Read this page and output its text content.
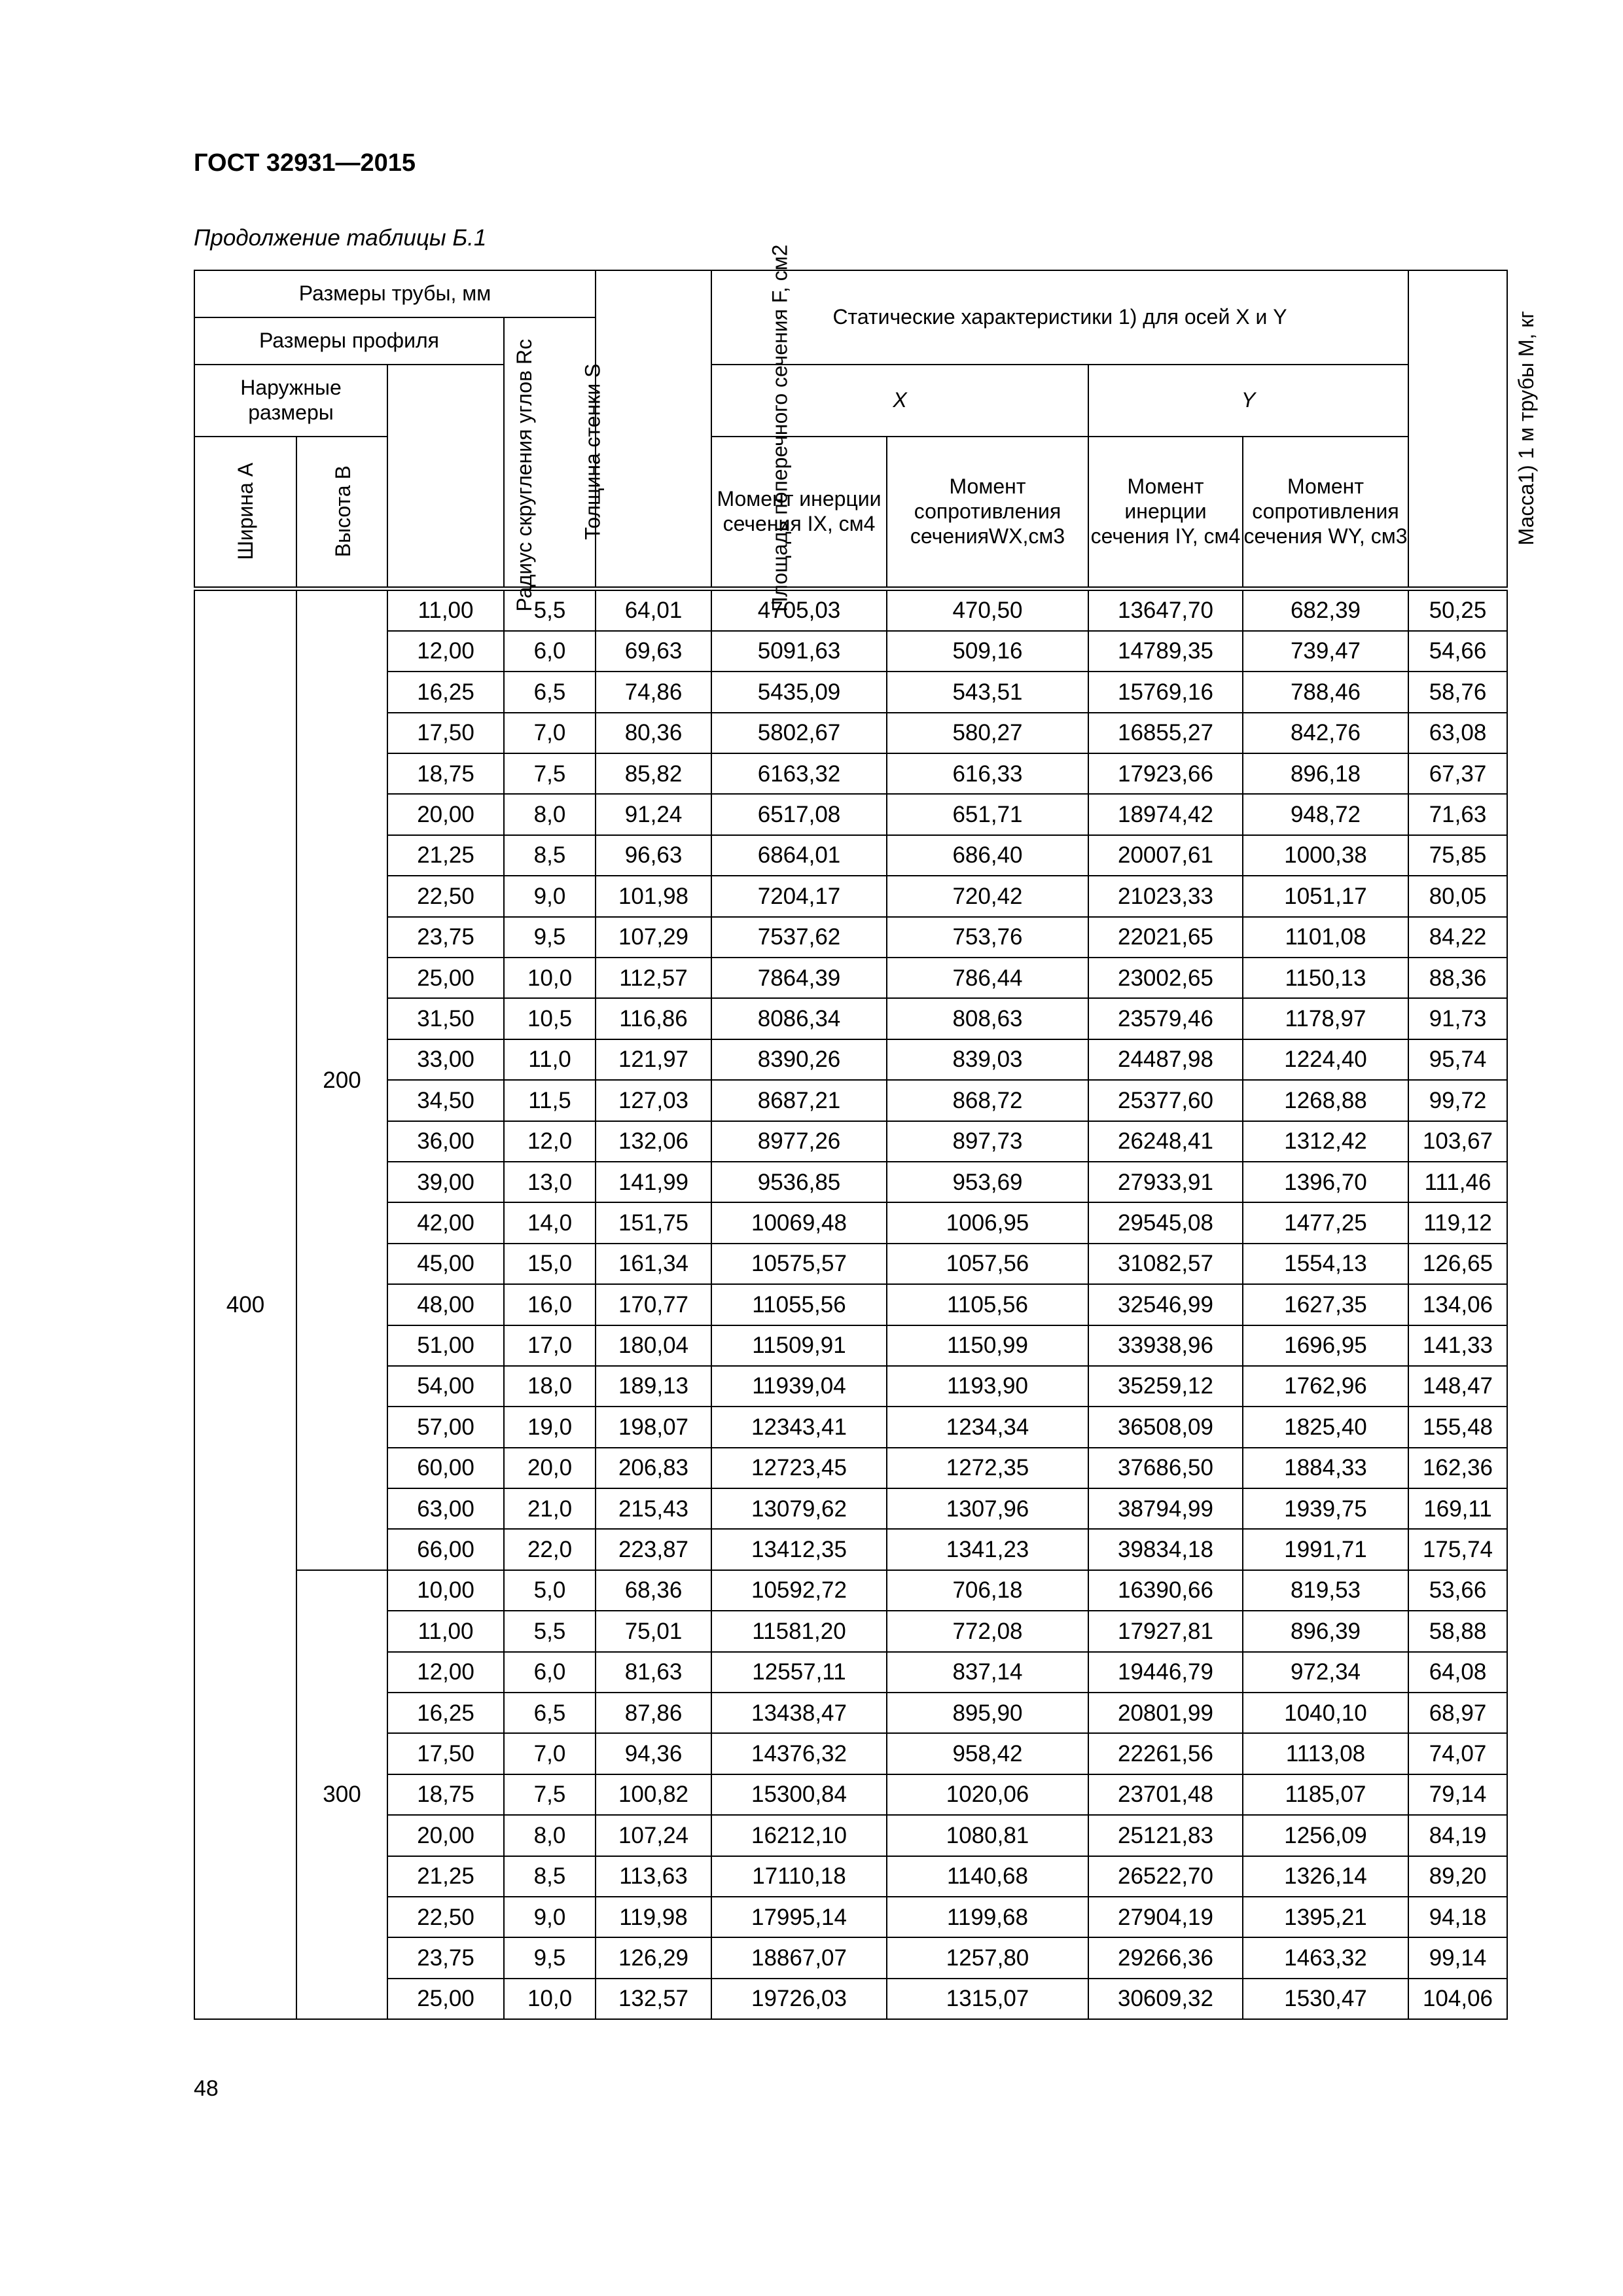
ГОСТ 32931—2015
Продолжение таблицы Б.1
Размеры трубы, мм				Площадь поперечного сечения F, см2	Статические характеристики 1) для осей X и Y				Масса1) 1 м трубы M, кг
Размеры профиля			Толщина стенки S						
Наружные размеры		Радиус скругления углов Rc			X		Y		
Ширина A	Высота B				Момент инерции сечения IX, см4	Момент сопротивления сеченияWX,см3	Момент инерции сечения IY, см4	Момент сопротивления сечения WY, см3	
400	200	11,00	5,5	64,01	4705,03	470,50	13647,70	682,39	50,25
		12,00	6,0	69,63	5091,63	509,16	14789,35	739,47	54,66
		16,25	6,5	74,86	5435,09	543,51	15769,16	788,46	58,76
		17,50	7,0	80,36	5802,67	580,27	16855,27	842,76	63,08
		18,75	7,5	85,82	6163,32	616,33	17923,66	896,18	67,37
		20,00	8,0	91,24	6517,08	651,71	18974,42	948,72	71,63
		21,25	8,5	96,63	6864,01	686,40	20007,61	1000,38	75,85
		22,50	9,0	101,98	7204,17	720,42	21023,33	1051,17	80,05
		23,75	9,5	107,29	7537,62	753,76	22021,65	1101,08	84,22
		25,00	10,0	112,57	7864,39	786,44	23002,65	1150,13	88,36
		31,50	10,5	116,86	8086,34	808,63	23579,46	1178,97	91,73
		33,00	11,0	121,97	8390,26	839,03	24487,98	1224,40	95,74
		34,50	11,5	127,03	8687,21	868,72	25377,60	1268,88	99,72
		36,00	12,0	132,06	8977,26	897,73	26248,41	1312,42	103,67
		39,00	13,0	141,99	9536,85	953,69	27933,91	1396,70	111,46
		42,00	14,0	151,75	10069,48	1006,95	29545,08	1477,25	119,12
		45,00	15,0	161,34	10575,57	1057,56	31082,57	1554,13	126,65
		48,00	16,0	170,77	11055,56	1105,56	32546,99	1627,35	134,06
		51,00	17,0	180,04	11509,91	1150,99	33938,96	1696,95	141,33
		54,00	18,0	189,13	11939,04	1193,90	35259,12	1762,96	148,47
		57,00	19,0	198,07	12343,41	1234,34	36508,09	1825,40	155,48
		60,00	20,0	206,83	12723,45	1272,35	37686,50	1884,33	162,36
		63,00	21,0	215,43	13079,62	1307,96	38794,99	1939,75	169,11
		66,00	22,0	223,87	13412,35	1341,23	39834,18	1991,71	175,74
	300	10,00	5,0	68,36	10592,72	706,18	16390,66	819,53	53,66
		11,00	5,5	75,01	11581,20	772,08	17927,81	896,39	58,88
		12,00	6,0	81,63	12557,11	837,14	19446,79	972,34	64,08
		16,25	6,5	87,86	13438,47	895,90	20801,99	1040,10	68,97
		17,50	7,0	94,36	14376,32	958,42	22261,56	1113,08	74,07
		18,75	7,5	100,82	15300,84	1020,06	23701,48	1185,07	79,14
		20,00	8,0	107,24	16212,10	1080,81	25121,83	1256,09	84,19
		21,25	8,5	113,63	17110,18	1140,68	26522,70	1326,14	89,20
		22,50	9,0	119,98	17995,14	1199,68	27904,19	1395,21	94,18
		23,75	9,5	126,29	18867,07	1257,80	29266,36	1463,32	99,14
		25,00	10,0	132,57	19726,03	1315,07	30609,32	1530,47	104,06
48
